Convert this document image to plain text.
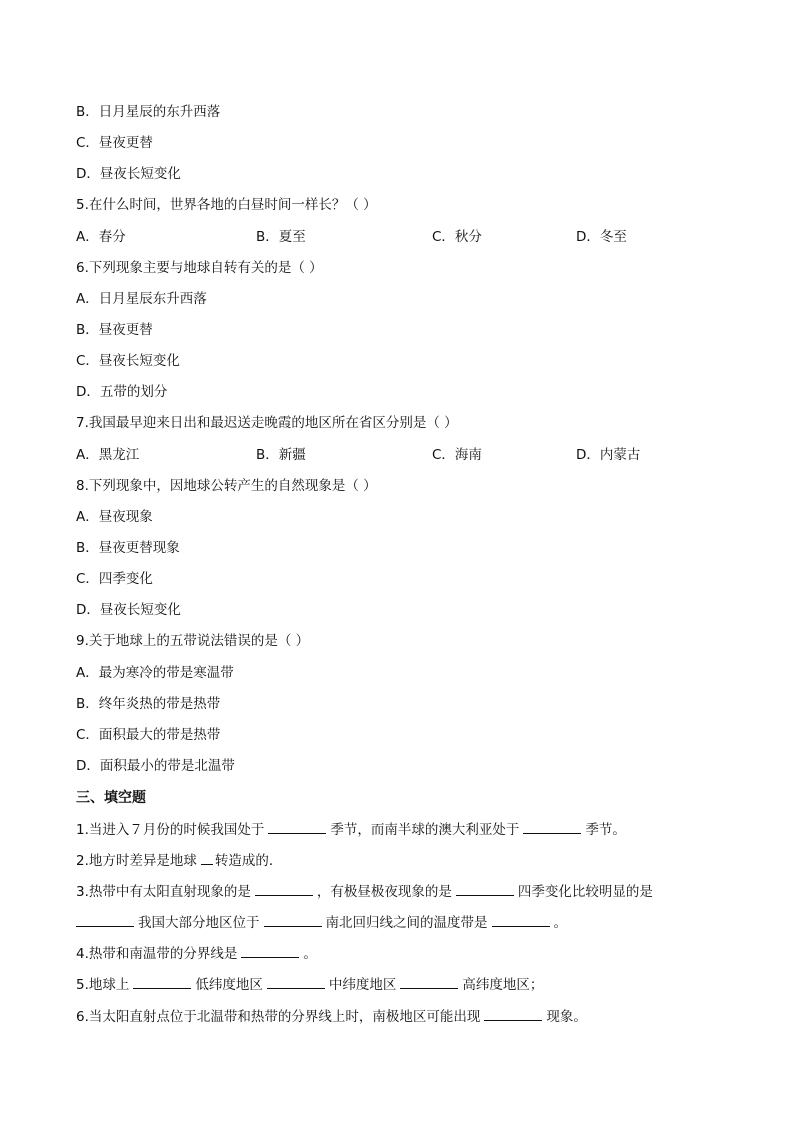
B．日月星辰的东升西落
C．昼夜更替
D．昼夜长短变化
5.在什么时间，世界各地的白昼时间一样长？（ ）
A．春分	B．夏至	C．秋分	D．冬至
6.下列现象主要与地球自转有关的是（ ）
A．日月星辰东升西落
B．昼夜更替
C．昼夜长短变化
D．五带的划分
7.我国最早迎来日出和最迟送走晚霞的地区所在省区分别是（ ）
A．黑龙江	B．新疆	C．海南	D．内蒙古
8.下列现象中，因地球公转产生的自然现象是（ ）
A．昼夜现象
B．昼夜更替现象
C．四季变化
D．昼夜长短变化
9.关于地球上的五带说法错误的是（ ）
A．最为寒冷的带是寒温带
B．终年炎热的带是热带
C．面积最大的带是热带
D．面积最小的带是北温带
三、填空题
1.当进入７月份的时候我国处于	季节，而南半球的澳大利亚处于	季节。
2.地方时差异是地球 转造成的．
3.热带中有太阳直射现象的是	，有极昼极夜现象的是	四季变化比较明显的是
我国大部分地区位于	南北回归线之间的温度带是	。
4.热带和南温带的分界线是	。
5.地球上	低纬度地区	中纬度地区	高纬度地区；
6.当太阳直射点位于北温带和热带的分界线上时，南极地区可能出现	现象。
